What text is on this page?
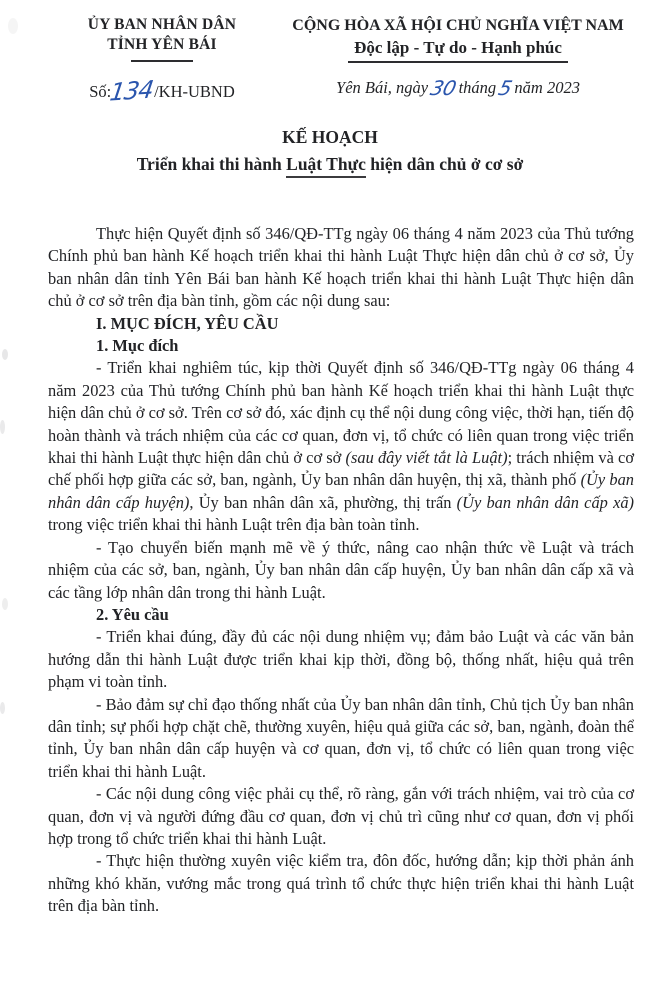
ỦY BAN NHÂN DÂN
TỈNH YÊN BÁI
Số:134/KH-UBND
CỘNG HÒA XÃ HỘI CHỦ NGHĨA VIỆT NAM
Độc lập - Tự do - Hạnh phúc
Yên Bái, ngày30tháng5năm 2023
KẾ HOẠCH
Triển khai thi hành Luật Thực hiện dân chủ ở cơ sở

Thực hiện Quyết định số 346/QĐ-TTg ngày 06 tháng 4 năm 2023 của Thủ tướng Chính phủ ban hành Kế hoạch triển khai thi hành Luật Thực hiện dân chủ ở cơ sở, Ủy ban nhân dân tỉnh Yên Bái ban hành Kế hoạch triển khai thi hành Luật Thực hiện dân chủ ở cơ sở trên địa bàn tỉnh, gồm các nội dung sau:

I. MỤC ĐÍCH, YÊU CẦU

1. Mục đích

- Triển khai nghiêm túc, kịp thời Quyết định số 346/QĐ-TTg ngày 06 tháng 4 năm 2023 của Thủ tướng Chính phủ ban hành Kế hoạch triển khai thi hành Luật thực hiện dân chủ ở cơ sở. Trên cơ sở đó, xác định cụ thể nội dung công việc, thời hạn, tiến độ hoàn thành và trách nhiệm của các cơ quan, đơn vị, tổ chức có liên quan trong việc triển khai thi hành Luật thực hiện dân chủ ở cơ sở (sau đây viết tắt là Luật); trách nhiệm và cơ chế phối hợp giữa các sở, ban, ngành, Ủy ban nhân dân huyện, thị xã, thành phố (Ủy ban nhân dân cấp huyện), Ủy ban nhân dân xã, phường, thị trấn (Ủy ban nhân dân cấp xã) trong việc triển khai thi hành Luật trên địa bàn toàn tỉnh.

- Tạo chuyển biến mạnh mẽ về ý thức, nâng cao nhận thức về Luật và trách nhiệm của các sở, ban, ngành, Ủy ban nhân dân cấp huyện, Ủy ban nhân dân cấp xã và các tầng lớp nhân dân trong thi hành Luật.

2. Yêu cầu

- Triển khai đúng, đầy đủ các nội dung nhiệm vụ; đảm bảo Luật và các văn bản hướng dẫn thi hành Luật được triển khai kịp thời, đồng bộ, thống nhất, hiệu quả trên phạm vi toàn tỉnh.

- Bảo đảm sự chỉ đạo thống nhất của Ủy ban nhân dân tỉnh, Chủ tịch Ủy ban nhân dân tỉnh; sự phối hợp chặt chẽ, thường xuyên, hiệu quả giữa các sở, ban, ngành, đoàn thể tỉnh, Ủy ban nhân dân cấp huyện và cơ quan, đơn vị, tổ chức có liên quan trong việc triển khai thi hành Luật.

- Các nội dung công việc phải cụ thể, rõ ràng, gắn với trách nhiệm, vai trò của cơ quan, đơn vị và người đứng đầu cơ quan, đơn vị chủ trì cũng như cơ quan, đơn vị phối hợp trong tổ chức triển khai thi hành Luật.

- Thực hiện thường xuyên việc kiểm tra, đôn đốc, hướng dẫn; kịp thời phản ánh những khó khăn, vướng mắc trong quá trình tổ chức thực hiện triển khai thi hành Luật trên địa bàn tỉnh.
